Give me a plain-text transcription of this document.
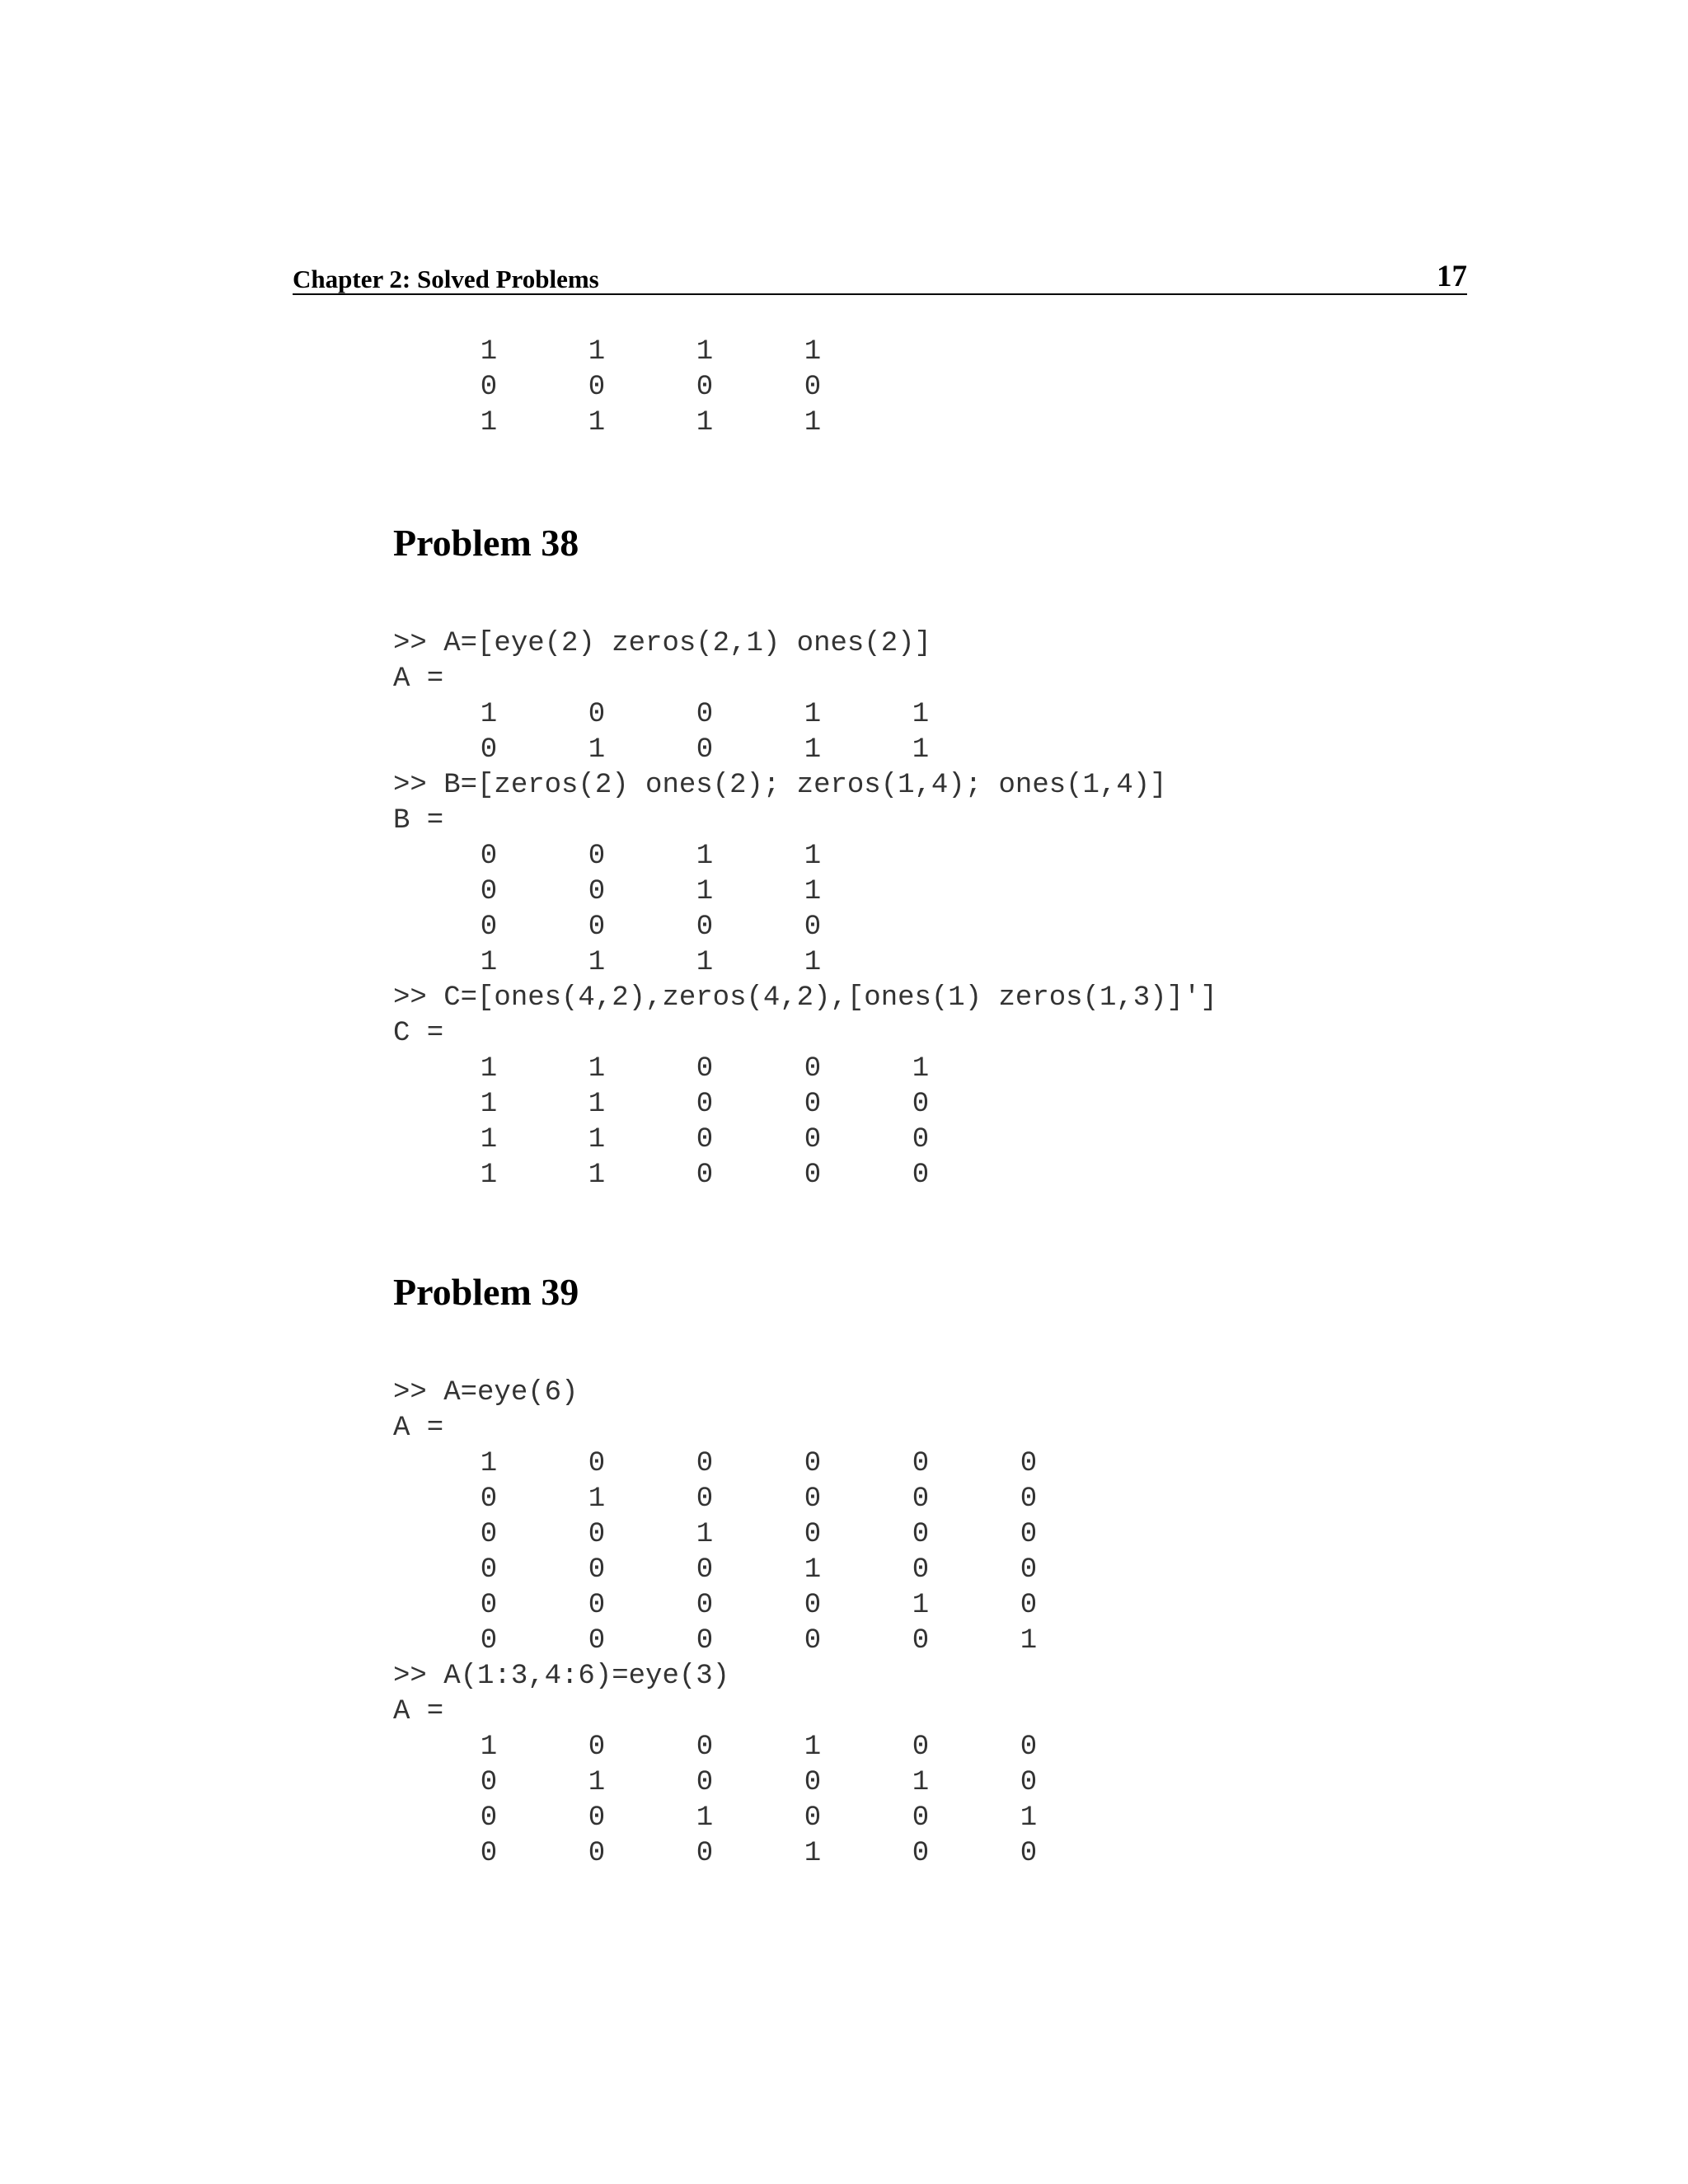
Chapter 2: Solved Problems	17
1	1	1	1
0	0	0	0
1	1	1	1
Problem 38
>> A=[eye(2) zeros(2,1) ones(2)]
A =
1	0	0	1	1
0	1	0	1	1
>> B=[zeros(2) ones(2); zeros(1,4); ones(1,4)]
B =
0	0	1	1
0	0	1	1
0	0	0	0
1	1	1	1
>> C=[ones(4,2),zeros(4,2),[ones(1) zeros(1,3)]']
C =
1	1	0	0	1
1	1	0	0	0
1	1	0	0	0
1	1	0	0	0
Problem 39
>> A=eye(6)
A =
1	0	0	0	0	0
0	1	0	0	0	0
0	0	1	0	0	0
0	0	0	1	0	0
0	0	0	0	1	0
0	0	0	0	0	1
>> A(1:3,4:6)=eye(3)
A =
1	0	0	1	0	0
0	1	0	0	1	0
0	0	1	0	0	1
0	0	0	1	0	0
